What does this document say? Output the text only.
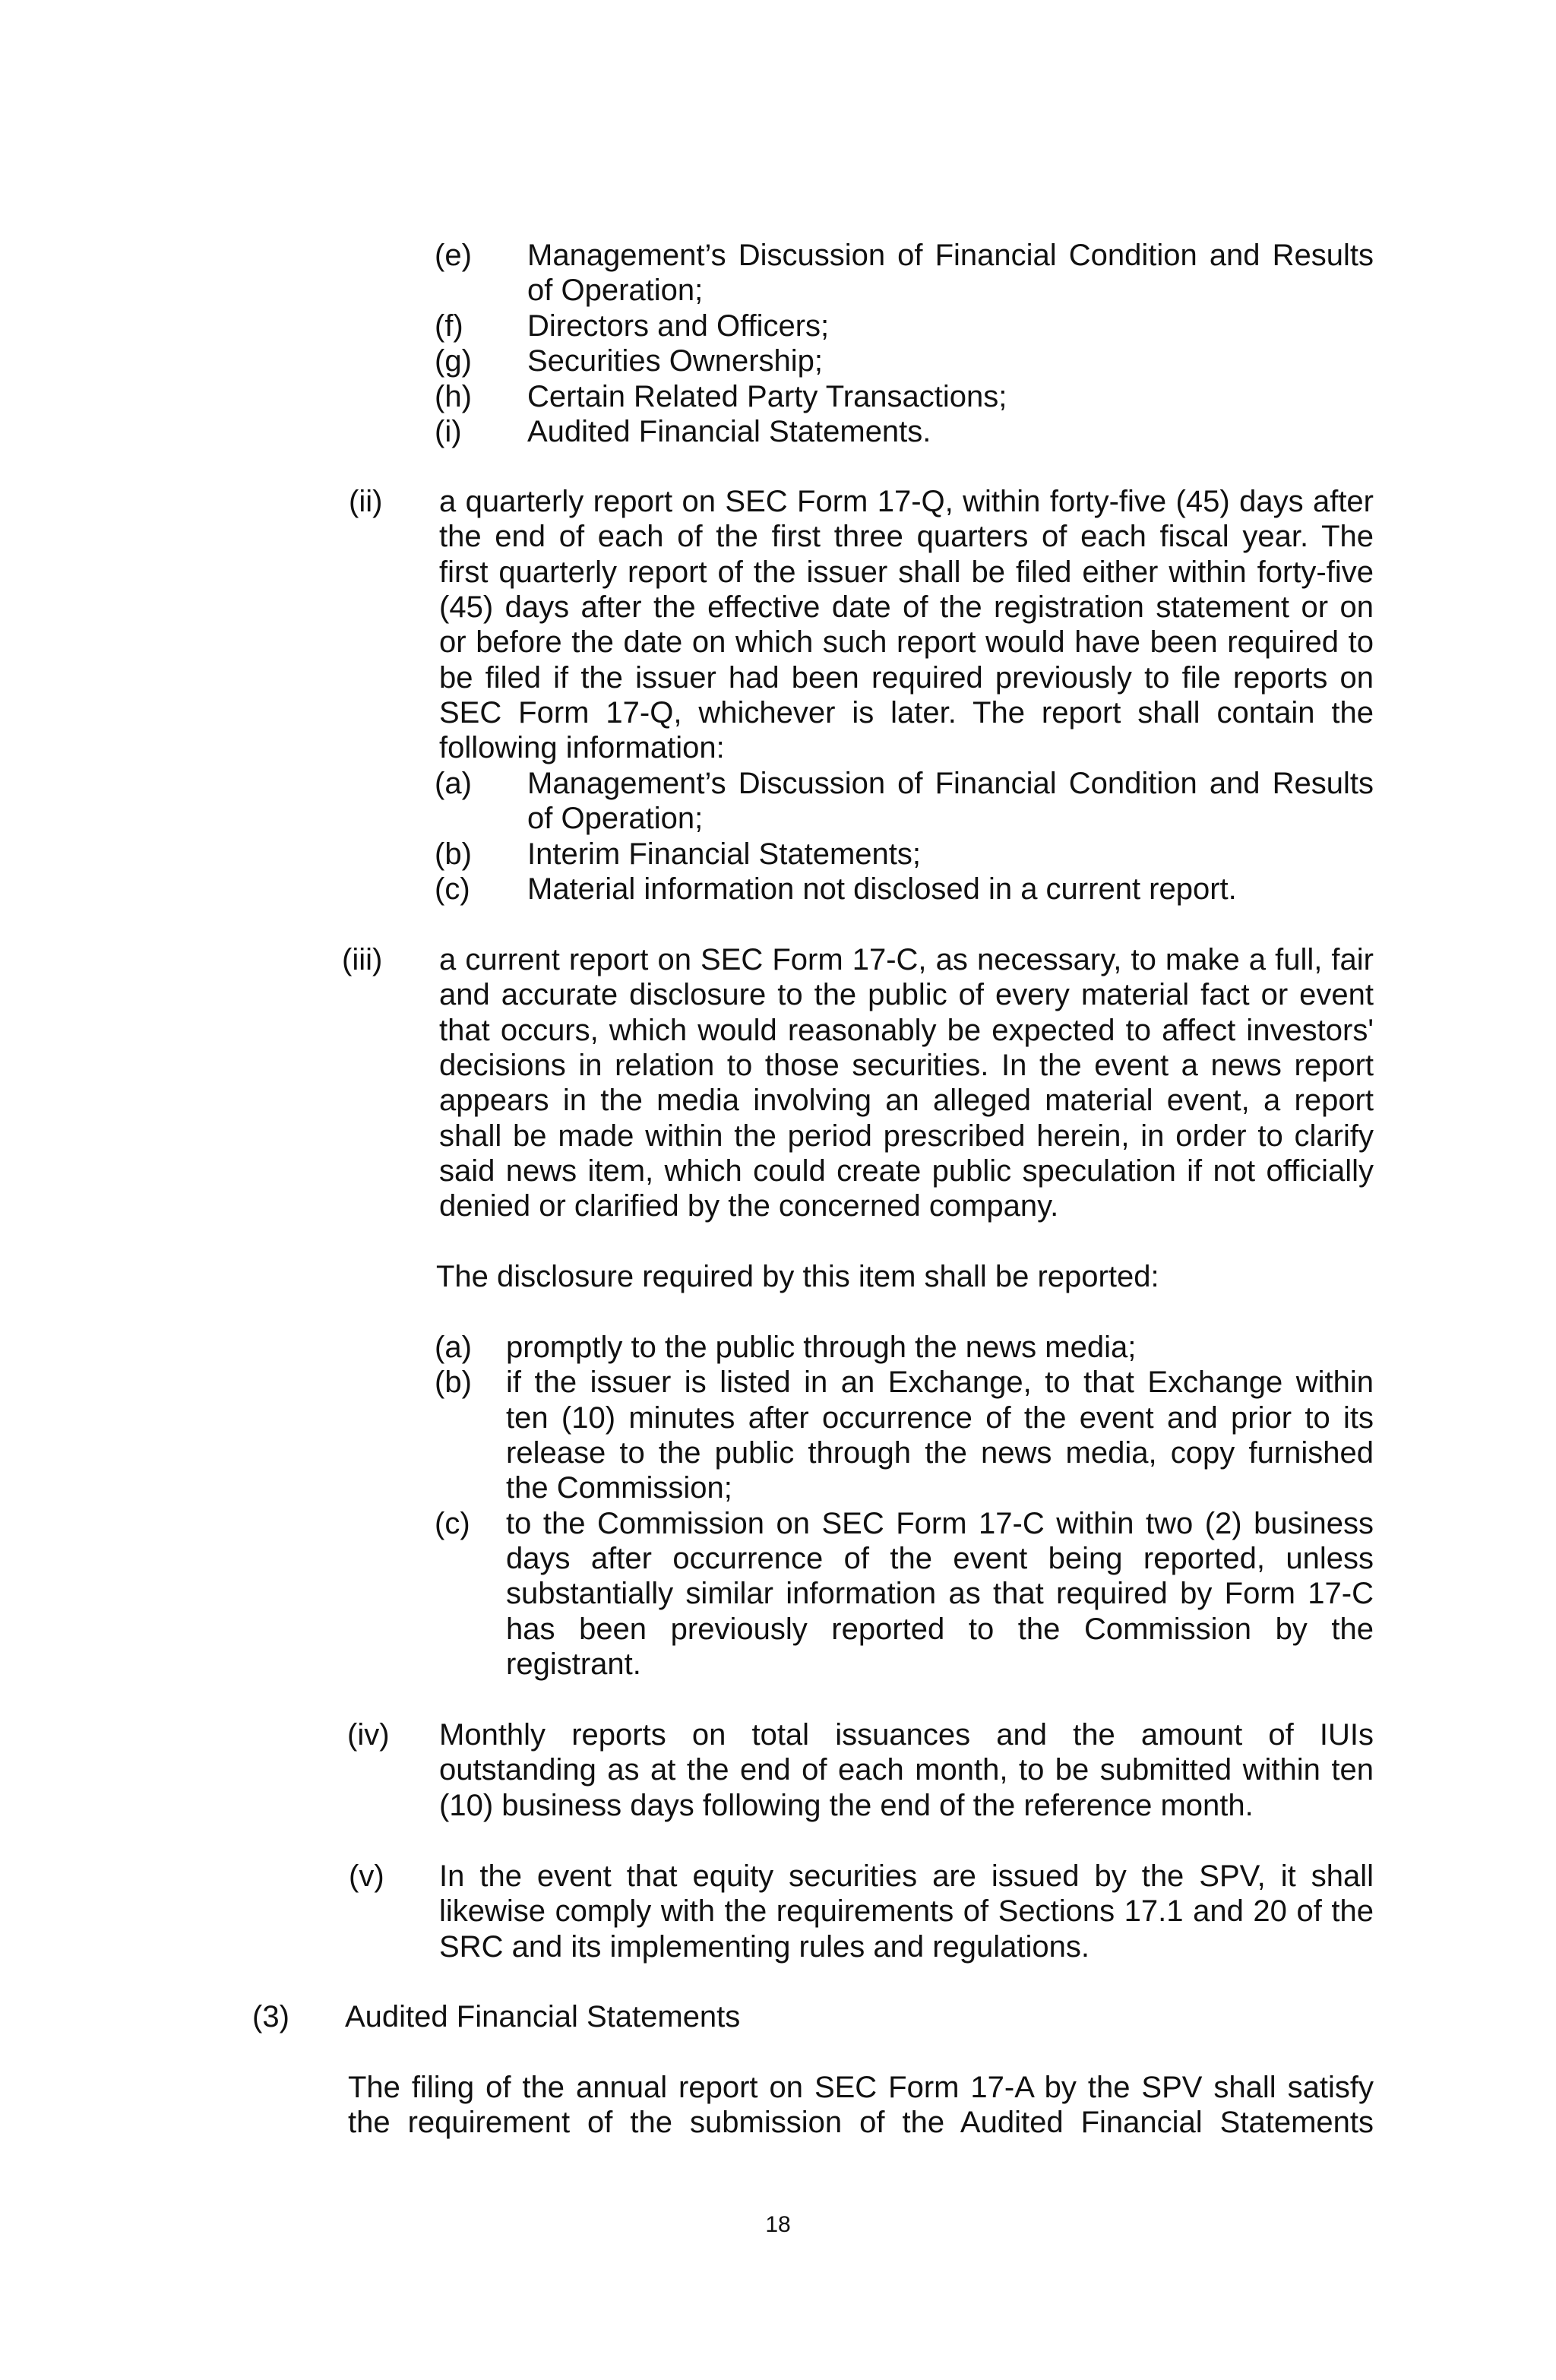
(e) Management’s Discussion of Financial Condition and Results
of Operation;
(f) Directors and Officers;
(g) Securities Ownership;
(h) Certain Related Party Transactions;
(i) Audited Financial Statements.
(ii) a quarterly report on SEC Form 17-Q, within forty-five (45) days after
the end of each of the first three quarters of each fiscal year. The
first quarterly report of the issuer shall be filed either within forty-five
(45) days after the effective date of the registration statement or on
or before the date on which such report would have been required to
be filed if the issuer had been required previously to file reports on
SEC Form 17-Q, whichever is later. The report shall contain the
following information:
(a) Management’s Discussion of Financial Condition and Results
of Operation;
(b) Interim Financial Statements;
(c) Material information not disclosed in a current report.
(iii) a current report on SEC Form 17-C, as necessary, to make a full, fair
and accurate disclosure to the public of every material fact or event
that occurs, which would reasonably be expected to affect investors'
decisions in relation to those securities. In the event a news report
appears in the media involving an alleged material event, a report
shall be made within the period prescribed herein, in order to clarify
said news item, which could create public speculation if not officially
denied or clarified by the concerned company.
The disclosure required by this item shall be reported:
(a) promptly to the public through the news media;
(b) if the issuer is listed in an Exchange, to that Exchange within
ten (10) minutes after occurrence of the event and prior to its
release to the public through the news media, copy furnished
the Commission;
(c) to the Commission on SEC Form 17-C within two (2) business
days after occurrence of the event being reported, unless
substantially similar information as that required by Form 17-C
has been previously reported to the Commission by the
registrant.
(iv) Monthly reports on total issuances and the amount of IUIs
outstanding as at the end of each month, to be submitted within ten
(10) business days following the end of the reference month.
(v) In the event that equity securities are issued by the SPV, it shall
likewise comply with the requirements of Sections 17.1 and 20 of the
SRC and its implementing rules and regulations.
(3) Audited Financial Statements
The filing of the annual report on SEC Form 17-A by the SPV shall satisfy
the requirement of the submission of the Audited Financial Statements
18
